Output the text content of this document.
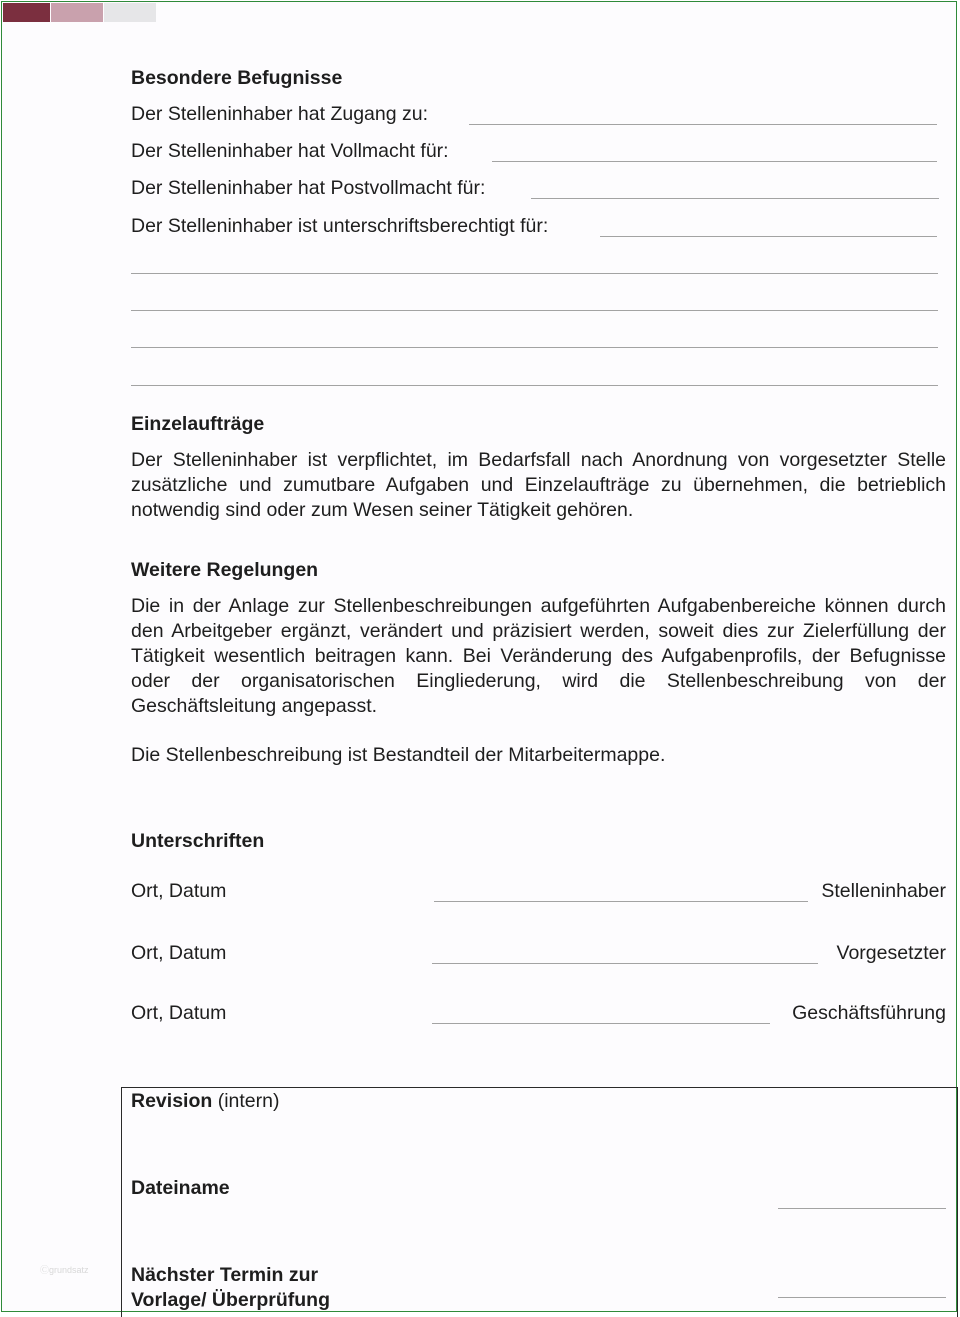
Besondere Befugnisse
Der Stelleninhaber hat Zugang zu:
Der Stelleninhaber hat Vollmacht für:
Der Stelleninhaber hat Postvollmacht für:
Der Stelleninhaber ist unterschriftsberechtigt für:
Einzelaufträge

Der Stelleninhaber ist verpflichtet, im Bedarfsfall nach Anordnung von vorgesetzter Stelle zusätzliche und zumutbare Aufgaben und Einzelaufträge zu übernehmen, die betrieblich notwendig sind oder zum Wesen seiner Tätigkeit gehören.

Weitere Regelungen

Die in der Anlage zur Stellenbeschreibungen aufgeführten Aufgabenbereiche können durch den Arbeitgeber ergänzt, verändert und präzisiert werden, soweit dies zur Zielerfüllung der Tätigkeit wesentlich beitragen kann. Bei Veränderung des Aufgabenprofils, der Befugnisse oder der organisatorischen Eingliederung, wird die Stellenbeschreibung von der Geschäftsleitung angepasst.

Die Stellenbeschreibung ist Bestandteil der Mitarbeitermappe.
Unterschriften
Ort, Datum	Stelleninhaber
Ort, Datum	Vorgesetzter
Ort, Datum	Geschäftsführung
Revision (intern)
Dateiname
Nächster Termin zur
Vorlage/ Überprüfung
Ⓒgrundsatz
